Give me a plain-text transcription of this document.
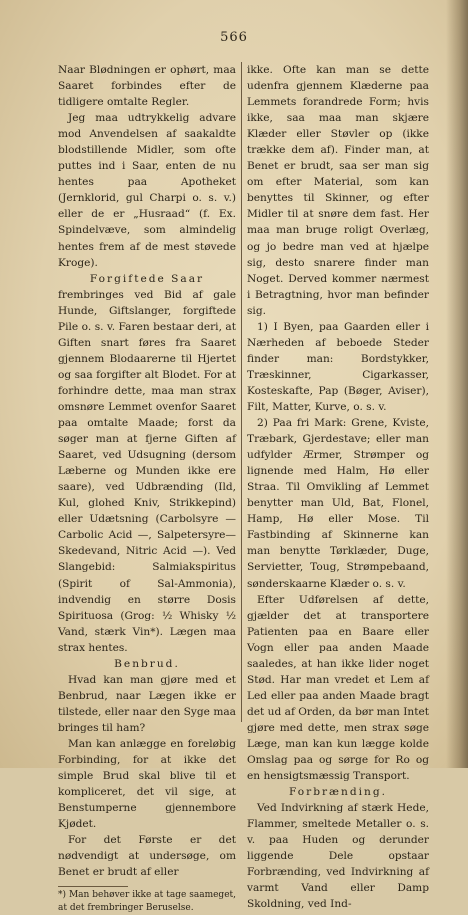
566

Naar Blødningen er ophørt, maa Saaret forbindes efter de tidligere omtalte Regler.

Jeg maa udtrykkelig advare mod Anvendelsen af saakaldte blodstillende Midler, som ofte puttes ind i Saar, enten de nu hentes paa Apotheket (Jernklorid, gul Charpi o. s. v.) eller de er „Husraad“ (f. Ex. Spindelvæve, som almindelig hentes frem af de mest støvede Kroge).

Forgiftede Saar

frembringes ved Bid af gale Hunde, Giftslanger, forgiftede Pile o. s. v. Faren bestaar deri, at Giften snart føres fra Saaret gjennem Blodaarerne til Hjertet og saa forgifter alt Blodet. For at forhindre dette, maa man strax omsnøre Lemmet ovenfor Saaret paa omtalte Maade; forst da søger man at fjerne Giften af Saaret, ved Udsugning (dersom Læberne og Munden ikke ere saare), ved Udbrænding (Ild, Kul, glohed Kniv, Strikkepind) eller Udætsning (Carbolsyre — Carbolic Acid —, Salpetersyre—Skedevand, Nitric Acid —). Ved Slangebid: Salmiakspiritus (Spirit of Sal-Ammonia), indvendig en større Dosis Spirituosa (Grog: ½ Whisky ½ Vand, stærk Vin*). Lægen maa strax hentes.

Benbrud.

Hvad kan man gjøre med et Benbrud, naar Lægen ikke er tilstede, eller naar den Syge maa bringes til ham?

Man kan anlægge en foreløbig Forbinding, for at ikke det simple Brud skal blive til et kompliceret, det vil sige, at Benstumperne gjennembore Kjødet.

For det Første er det nødvendigt at undersøge, om Benet er brudt af eller

*) Man behøver ikke at tage saameget, at det frembringer Beruselse.

ikke. Ofte kan man se dette udenfra gjennem Klæderne paa Lemmets forandrede Form; hvis ikke, saa maa man skjære Klæder eller Støvler op (ikke trække dem af). Finder man, at Benet er brudt, saa ser man sig om efter Material, som kan benyttes til Skinner, og efter Midler til at snøre dem fast. Her maa man bruge roligt Overlæg, og jo bedre man ved at hjælpe sig, desto snarere finder man Noget. Derved kommer nærmest i Betragtning, hvor man befinder sig.

1) I Byen, paa Gaarden eller i Nærheden af beboede Steder finder man: Bordstykker, Træskinner, Cigarkasser, Kosteskafte, Pap (Bøger, Aviser), Filt, Matter, Kurve, o. s. v.

2) Paa fri Mark: Grene, Kviste, Træbark, Gjerdestave; eller man udfylder Ærmer, Strømper og lignende med Halm, Hø eller Straa. Til Omvikling af Lemmet benytter man Uld, Bat, Flonel, Hamp, Hø eller Mose. Til Fastbinding af Skinnerne kan man benytte Tørklæder, Duge, Servietter, Toug, Strømpebaand, sønderskaarne Klæder o. s. v.

Efter Udførelsen af dette, gjælder det at transportere Patienten paa en Baare eller Vogn eller paa anden Maade saaledes, at han ikke lider noget Stød. Har man vredet et Lem af Led eller paa anden Maade bragt det ud af Orden, da bør man Intet gjøre med dette, men strax søge Læge, man kan kun lægge kolde Omslag paa og sørge for Ro og en hensigtsmæssig Transport.

Forbrænding.

Ved Indvirkning af stærk Hede, Flammer, smeltede Metaller o. s. v. paa Huden og derunder liggende Dele opstaar Forbrænding, ved Indvirkning af varmt Vand eller Damp Skoldning, ved Ind-
